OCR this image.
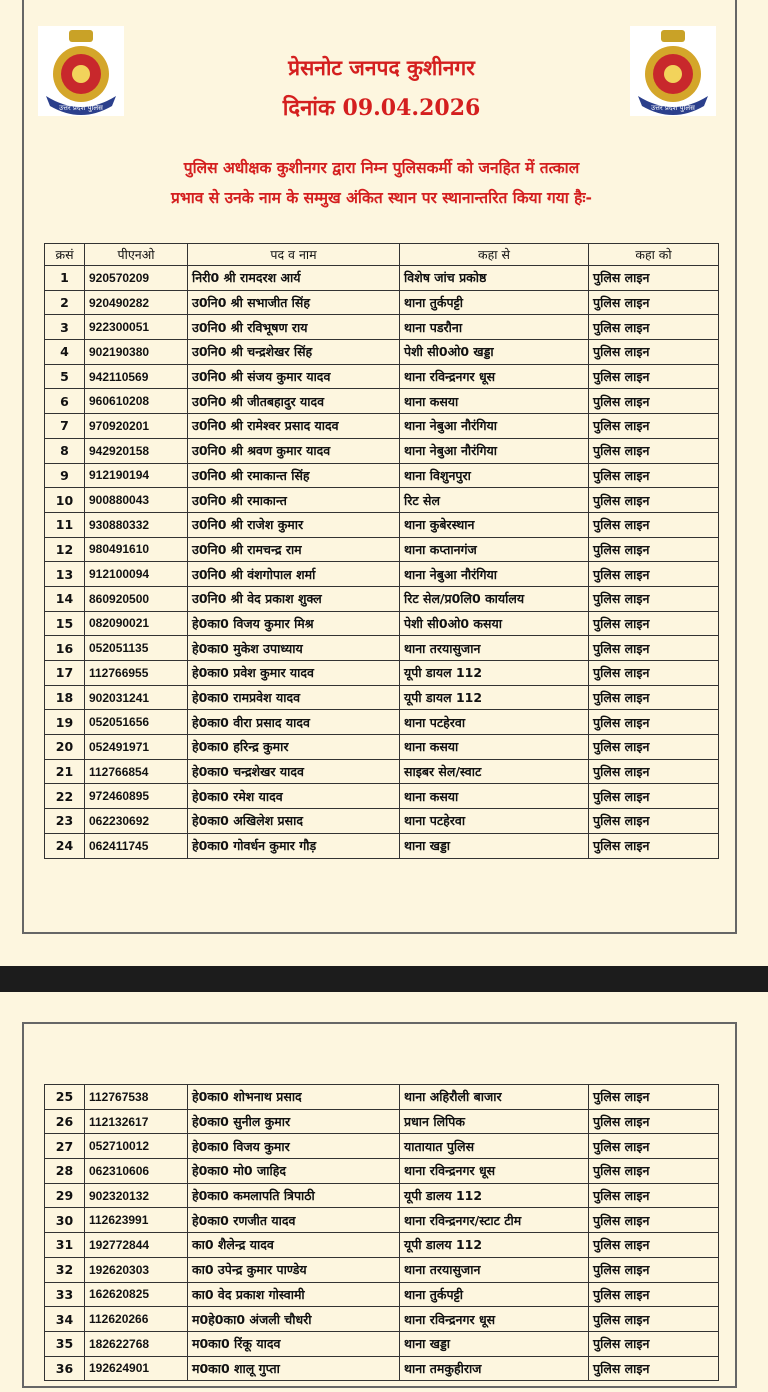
उत्तर प्रदेश पुलिस	उत्तर प्रदेश पुलिस
प्रेसनोट जनपद कुशीनगर
दिनांक 09.04.2026
पुलिस अधीक्षक कुशीनगर द्वारा निम्न पुलिसकर्मी को जनहित में तत्काल
प्रभाव से उनके नाम के सम्मुख अंकित स्थान पर स्थानान्तरित किया गया हैः-
क्रसं	पीएनओ	पद व नाम	कहा से	कहा को
1	920570209	निरी0 श्री रामदरश आर्य	विशेष जांच प्रकोष्ठ	पुलिस लाइन
2	920490282	उ0नि0 श्री सभाजीत सिंह	थाना तुर्कपट्टी	पुलिस लाइन
3	922300051	उ0नि0 श्री रविभूषण राय	थाना पडरौना	पुलिस लाइन
4	902190380	उ0नि0 श्री चन्द्रशेखर सिंह	पेशी सी0ओ0 खड्डा	पुलिस लाइन
5	942110569	उ0नि0 श्री संजय कुमार यादव	थाना रविन्द्रनगर धूस	पुलिस लाइन
6	960610208	उ0नि0 श्री जीतबहादुर यादव	थाना कसया	पुलिस लाइन
7	970920201	उ0नि0 श्री रामेश्वर प्रसाद यादव	थाना नेबुआ नौरंगिया	पुलिस लाइन
8	942920158	उ0नि0 श्री श्रवण कुमार यादव	थाना नेबुआ नौरंगिया	पुलिस लाइन
9	912190194	उ0नि0 श्री रमाकान्त सिंह	थाना विशुनपुरा	पुलिस लाइन
10	900880043	उ0नि0 श्री रमाकान्त	रिट सेल	पुलिस लाइन
11	930880332	उ0नि0 श्री राजेश कुमार	थाना कुबेरस्थान	पुलिस लाइन
12	980491610	उ0नि0 श्री रामचन्द्र राम	थाना कप्तानगंज	पुलिस लाइन
13	912100094	उ0नि0 श्री वंशगोपाल शर्मा	थाना नेबुआ नौरंगिया	पुलिस लाइन
14	860920500	उ0नि0 श्री वेद प्रकाश शुक्ल	रिट सेल/प्र0लि0 कार्यालय	पुलिस लाइन
15	082090021	हे0का0 विजय कुमार मिश्र	पेशी सी0ओ0 कसया	पुलिस लाइन
16	052051135	हे0का0 मुकेश उपाध्याय	थाना तरयासुजान	पुलिस लाइन
17	112766955	हे0का0 प्रवेश कुमार यादव	यूपी डायल 112	पुलिस लाइन
18	902031241	हे0का0 रामप्रवेश यादव	यूपी डायल 112	पुलिस लाइन
19	052051656	हे0का0 वीरा प्रसाद यादव	थाना पटहेरवा	पुलिस लाइन
20	052491971	हे0का0 हरिन्द्र कुमार	थाना कसया	पुलिस लाइन
21	112766854	हे0का0 चन्द्रशेखर यादव	साइबर सेल/स्वाट	पुलिस लाइन
22	972460895	हे0का0 रमेश यादव	थाना कसया	पुलिस लाइन
23	062230692	हे0का0 अखिलेश प्रसाद	थाना पटहेरवा	पुलिस लाइन
24	062411745	हे0का0 गोवर्धन कुमार गौड़	थाना खड्डा	पुलिस लाइन
25	112767538	हे0का0 शोभनाथ प्रसाद	थाना अहिरौली बाजार	पुलिस लाइन
26	112132617	हे0का0 सुनील कुमार	प्रधान लिपिक	पुलिस लाइन
27	052710012	हे0का0 विजय कुमार	यातायात पुलिस	पुलिस लाइन
28	062310606	हे0का0 मो0 जाहिद	थाना रविन्द्रनगर धूस	पुलिस लाइन
29	902320132	हे0का0 कमलापति त्रिपाठी	यूपी डालय 112	पुलिस लाइन
30	112623991	हे0का0 रणजीत यादव	थाना रविन्द्रनगर/स्टाट टीम	पुलिस लाइन
31	192772844	का0 शैलेन्द्र यादव	यूपी डालय 112	पुलिस लाइन
32	192620303	का0 उपेन्द्र कुमार पाण्डेय	थाना तरयासुजान	पुलिस लाइन
33	162620825	का0 वेद प्रकाश गोस्वामी	थाना तुर्कपट्टी	पुलिस लाइन
34	112620266	म0हे0का0 अंजली चौधरी	थाना रविन्द्रनगर धूस	पुलिस लाइन
35	182622768	म0का0 रिंकू यादव	थाना खड्डा	पुलिस लाइन
36	192624901	म0का0 शालू गुप्ता	थाना तमकुहीराज	पुलिस लाइन
